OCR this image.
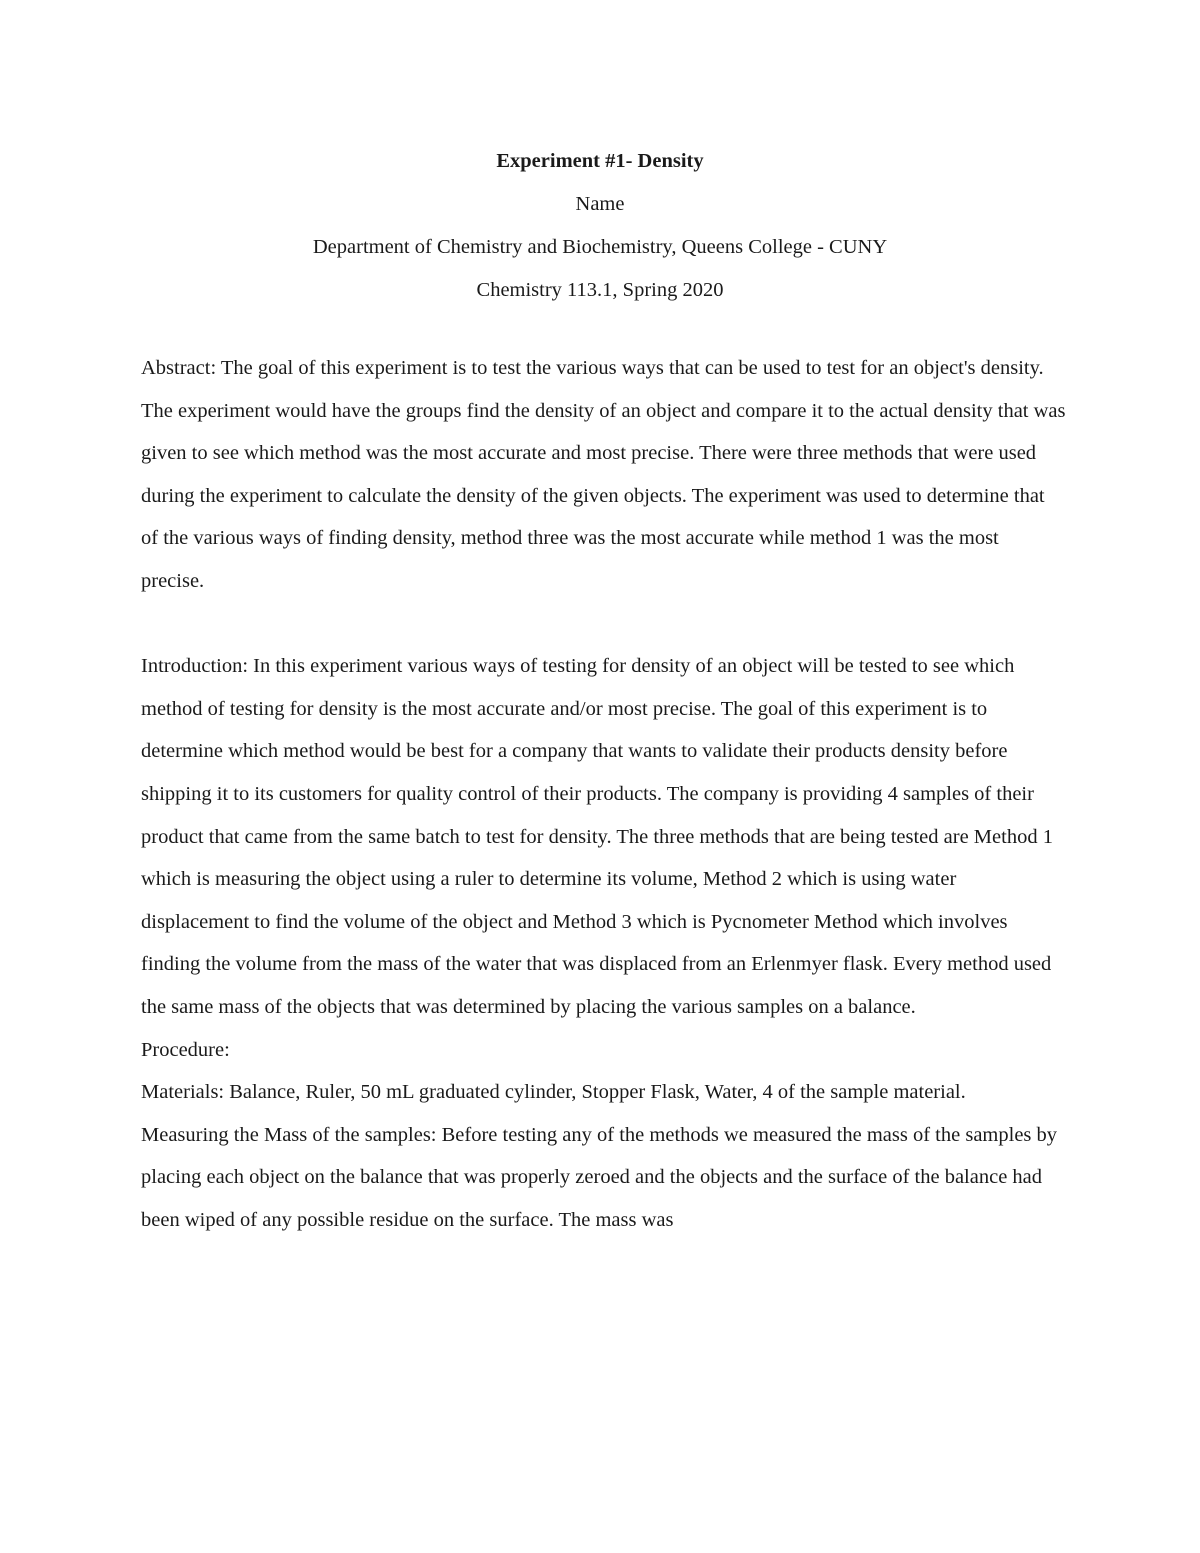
Experiment #1- Density
Name
Department of Chemistry and Biochemistry, Queens College - CUNY
Chemistry 113.1, Spring 2020

Abstract: The goal of this experiment is to test the various ways that can be used to test for an object's density. The experiment would have the groups find the density of an object and compare it to the actual density that was given to see which method was the most accurate and most precise. There were three methods that were used during the experiment to calculate the density of the given objects. The experiment was used to determine that of the various ways of finding density, method three was the most accurate while method 1 was the most precise.

Introduction: In this experiment various ways of testing for density of an object will be tested to see which method of testing for density is the most accurate and/or most precise. The goal of this experiment is to determine which method would be best for a company that wants to validate their products density before shipping it to its customers for quality control of their products. The company is providing 4 samples of their product that came from the same batch to test for density. The three methods that are being tested are Method 1 which is measuring the object using a ruler to determine its volume, Method 2 which is using water displacement to find the volume of the object and Method 3 which is Pycnometer Method which involves finding the volume from the mass of the water that was displaced from an Erlenmyer flask. Every method used the same mass of the objects that was determined by placing the various samples on a balance.

Procedure:

Materials: Balance, Ruler, 50 mL graduated cylinder, Stopper Flask, Water, 4 of the sample material.

Measuring the Mass of the samples: Before testing any of the methods we measured the mass of the samples by placing each object on the balance that was properly zeroed and the objects and the surface of the balance had been wiped of any possible residue on the surface. The mass was
